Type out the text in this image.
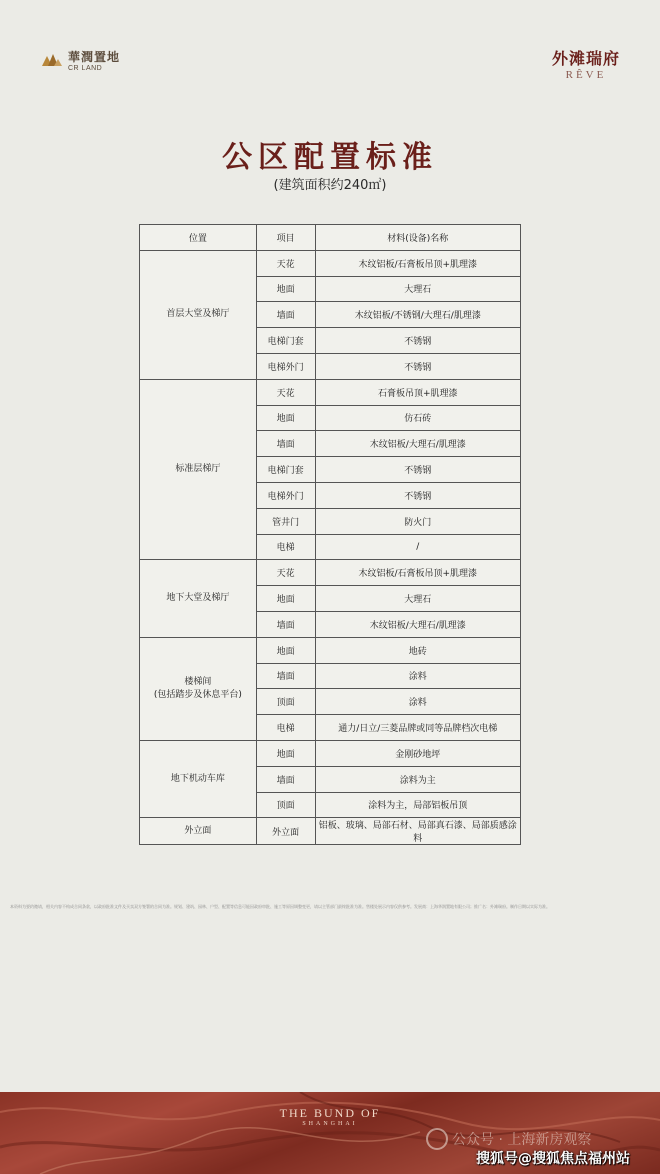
華潤置地
CR LAND
外滩瑞府
RÊVE
公区配置标准
(建筑面积约240㎡)
位置	项目	材料(设备)名称
首层大堂及梯厅	天花	木纹铝板/石膏板吊顶+肌理漆
	地面	大理石
	墙面	木纹铝板/不锈钢/大理石/肌理漆
	电梯门套	不锈钢
	电梯外门	不锈钢
标准层梯厅	天花	石膏板吊顶+肌理漆
	地面	仿石砖
	墙面	木纹铝板/大理石/肌理漆
	电梯门套	不锈钢
	电梯外门	不锈钢
	管井门	防火门
	电梯	/
地下大堂及梯厅	天花	木纹铝板/石膏板吊顶+肌理漆
	地面	大理石
	墙面	木纹铝板/大理石/肌理漆

楼梯间
(包括踏步及休息平台)	地面	地砖
	墙面	涂料
	顶面	涂料
	电梯	通力/日立/三菱品牌或同等品牌档次电梯
地下机动车库	地面	金刚砂地坪
	墙面	涂料为主
	顶面	涂料为主，局部铝板吊顶
外立面	外立面	铝板、玻璃、局部石材、局部真石漆、局部质感涂料
本资料为要约邀请，相关内容不构成合同条款，以政府批准文件及买卖双方签署的合同为准。规划、建筑、园林、户型、配置等信息可能因政府审批、施工等原因调整变更，请以主管部门最终批准为准。售楼处展示内容仅供参考。发展商：上海华润置地有限公司；推广名：外滩瑞府。制作日期以实际为准。
THE BUND OF
SHANGHAI
公众号 · 上海新房观察
搜狐号@搜狐焦点福州站
